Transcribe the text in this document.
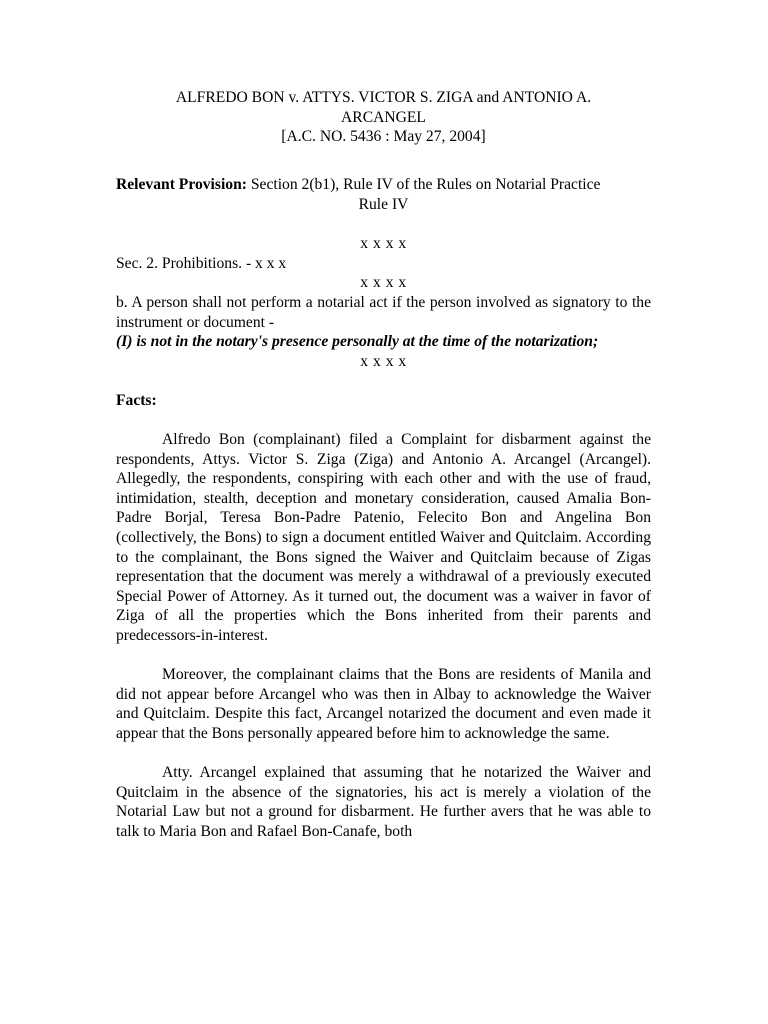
ALFREDO BON v. ATTYS. VICTOR S. ZIGA and ANTONIO A.
ARCANGEL
[A.C. NO. 5436 : May 27, 2004]

Relevant Provision: Section 2(b1), Rule IV of the Rules on Notarial Practice

Rule IV

x x x x

Sec. 2. Prohibitions. - x x x

x x x x

b. A person shall not perform a notarial act if the person involved as signatory to the instrument or document -

(I) is not in the notary's presence personally at the time of the notarization;

x x x x

Facts:

Alfredo Bon (complainant) filed a Complaint for disbarment against the respondents, Attys. Victor S. Ziga (Ziga) and Antonio A. Arcangel (Arcangel). Allegedly, the respondents, conspiring with each other and with the use of fraud, intimidation, stealth, deception and monetary consideration, caused Amalia Bon-Padre Borjal, Teresa Bon-Padre Patenio, Felecito Bon and Angelina Bon (collectively, the Bons) to sign a document entitled Waiver and Quitclaim. According to the complainant, the Bons signed the Waiver and Quitclaim because of Zigas representation that the document was merely a withdrawal of a previously executed Special Power of Attorney. As it turned out, the document was a waiver in favor of Ziga of all the properties which the Bons inherited from their parents and predecessors-in-interest.

Moreover, the complainant claims that the Bons are residents of Manila and did not appear before Arcangel who was then in Albay to acknowledge the Waiver and Quitclaim. Despite this fact, Arcangel notarized the document and even made it appear that the Bons personally appeared before him to acknowledge the same.

Atty. Arcangel explained that assuming that he notarized the Waiver and Quitclaim in the absence of the signatories, his act is merely a violation of the Notarial Law but not a ground for disbarment. He further avers that he was able to talk to Maria Bon and Rafael Bon-Canafe, both
